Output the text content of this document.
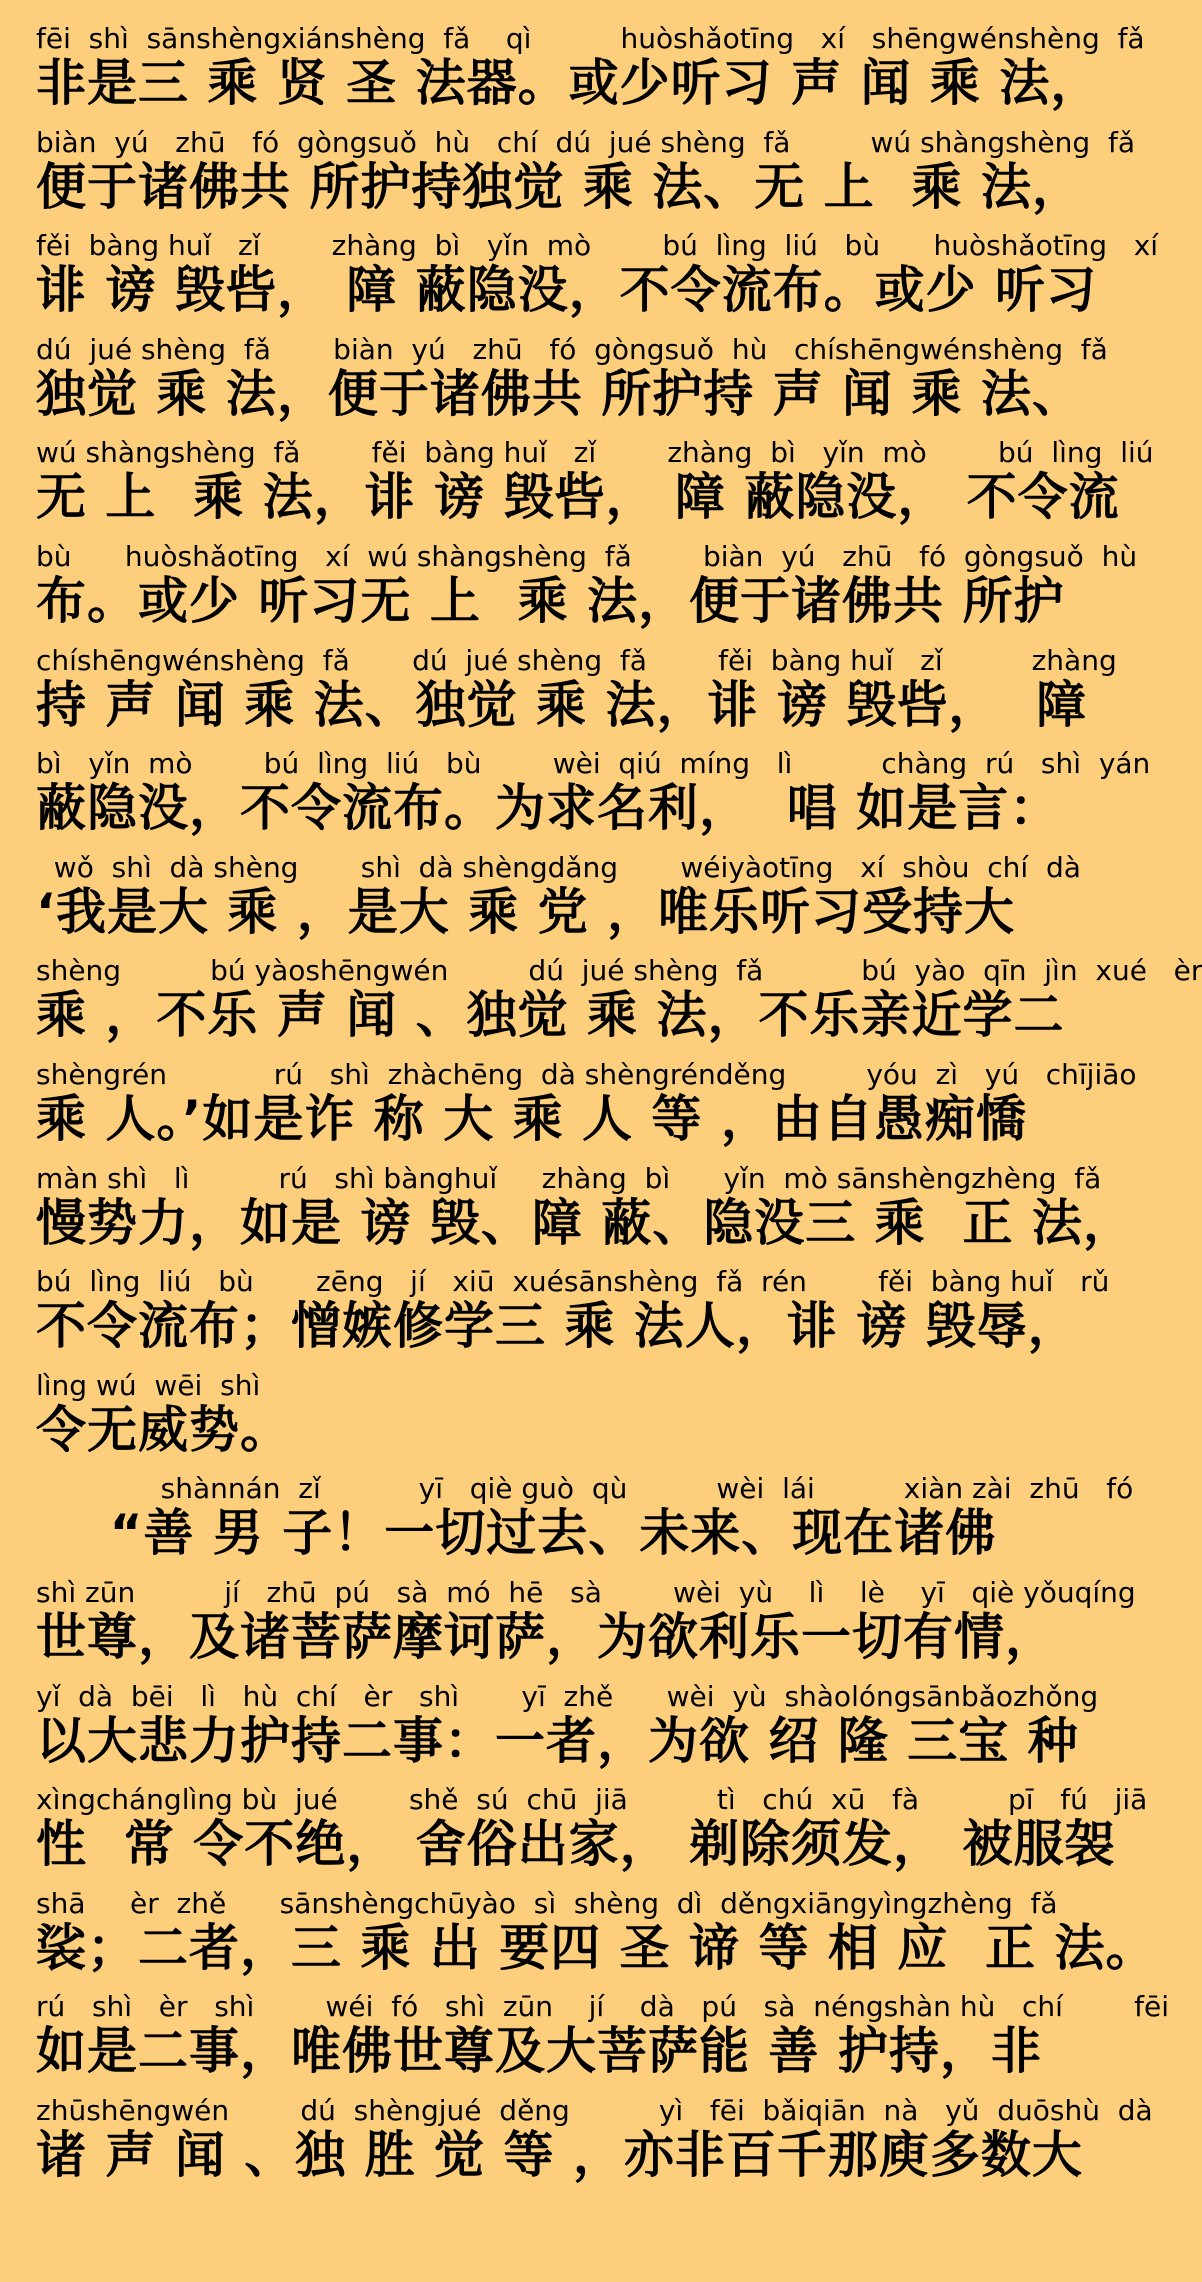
fēi  shì  sānshèngxiánshèng  fǎ    qì          huòshǎotīng   xí   shēngwénshèng  fǎ
非是三 乘 贤 圣 法器。或少听习 声 闻 乘 法，
biàn  yú   zhū   fó  gòngsuǒ  hù   chí  dú  jué shèng  fǎ         wú shàngshèng  fǎ
便于诸佛共 所护持独觉 乘 法、无 上  乘 法，
fěi  bàng huǐ   zǐ        zhàng  bì   yǐn  mò        bú  lìng  liú   bù      huòshǎotīng   xí
诽 谤 毁呰， 障 蔽隐没，不令流布。或少 听习
dú  jué shèng  fǎ       biàn  yú   zhū   fó  gòngsuǒ  hù   chíshēngwénshèng  fǎ
独觉 乘 法，便于诸佛共 所护持 声 闻 乘 法、
wú shàngshèng  fǎ        fěi  bàng huǐ   zǐ        zhàng  bì   yǐn  mò        bú  lìng  liú
无 上  乘 法，诽 谤 毁呰， 障 蔽隐没， 不令流
bù      huòshǎotīng   xí  wú shàngshèng  fǎ        biàn  yú   zhū   fó  gòngsuǒ  hù
布。或少 听习无 上  乘 法，便于诸佛共 所护
chíshēngwénshèng  fǎ       dú  jué shèng  fǎ        fěi  bàng huǐ   zǐ          zhàng
持 声 闻 乘 法、独觉 乘 法，诽 谤 毁呰，  障
bì   yǐn  mò        bú  lìng  liú   bù        wèi  qiú  míng   lì          chàng  rú   shì  yán
蔽隐没，不令流布。为求名利，  唱 如是言：
wǒ  shì  dà shèng       shì  dà shèngdǎng       wéiyàotīng   xí  shòu  chí  dà
‘我是大 乘 ，是大 乘 党 ，唯乐听习受持大
shèng          bú yàoshēngwén         dú  jué shèng  fǎ           bú  yào  qīn  jìn  xué   èr
乘 ，不乐 声 闻 、独觉 乘 法，不乐亲近学二
shèngrén            rú   shì  zhàchēng  dà shèngrénděng         yóu  zì   yú   chījiāo
乘 人。’如是诈 称 大 乘 人 等 ，由自愚痴憍
màn shì   lì          rú   shì bànghuǐ     zhàng  bì      yǐn  mò sānshèngzhèng  fǎ
慢势力，如是 谤 毁、障 蔽、隐没三 乘  正 法，
bú  lìng  liú   bù       zēng   jí   xiū  xuésānshèng  fǎ  rén        fěi  bàng huǐ   rǔ
不令流布；憎嫉修学三 乘 法人，诽 谤 毁辱，
lìng wú  wēi  shì
令无威势。
shànnán  zǐ           yī   qiè guò  qù          wèi  lái          xiàn zài  zhū   fó
“善 男 子！一切过去、未来、现在诸佛
shì zūn          jí   zhū  pú   sà  mó  hē   sà        wèi  yù    lì    lè    yī   qiè yǒuqíng
世尊，及诸菩萨摩诃萨，为欲利乐一切有情，
yǐ  dà  bēi   lì   hù  chí   èr   shì       yī  zhě      wèi  yù  shàolóngsānbǎozhǒng
以大悲力护持二事：一者，为欲 绍 隆 三宝 种
xìngchánglìng bù  jué        shě  sú  chū  jiā          tì   chú  xū   fà          pī   fú   jiā
性  常 令不绝， 舍俗出家， 剃除须发， 被服袈
shā     èr  zhě      sānshèngchūyào  sì  shèng  dì  děngxiāngyìngzhèng  fǎ
裟；二者，三 乘 出 要四 圣 谛 等 相 应  正 法。
rú   shì   èr   shì        wéi  fó   shì  zūn    jí    dà   pú   sà  néngshàn hù   chí        fēi
如是二事，唯佛世尊及大菩萨能 善 护持，非
zhūshēngwén        dú  shèngjué  děng          yì   fēi  bǎiqiān  nà   yǔ  duōshù  dà
诸 声 闻 、独 胜 觉 等 ，亦非百千那庾多数大
